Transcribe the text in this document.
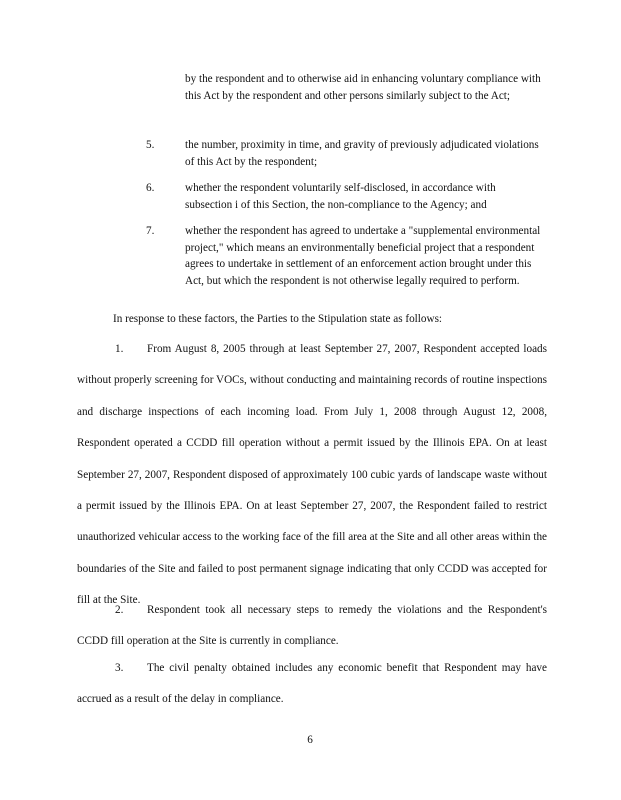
by the respondent and to otherwise aid in enhancing voluntary compliance with this Act by the respondent and other persons similarly subject to the Act;
5.	the number, proximity in time, and gravity of previously adjudicated violations of this Act by the respondent;
6.	whether the respondent voluntarily self-disclosed, in accordance with subsection i of this Section, the non-compliance to the Agency; and
7.	whether the respondent has agreed to undertake a "supplemental environmental project," which means an environmentally beneficial project that a respondent agrees to undertake in settlement of an enforcement action brought under this Act, but which the respondent is not otherwise legally required to perform.
In response to these factors, the Parties to the Stipulation state as follows:
1. From August 8, 2005 through at least September 27, 2007, Respondent accepted loads without properly screening for VOCs, without conducting and maintaining records of routine inspections and discharge inspections of each incoming load. From July 1, 2008 through August 12, 2008, Respondent operated a CCDD fill operation without a permit issued by the Illinois EPA. On at least September 27, 2007, Respondent disposed of approximately 100 cubic yards of landscape waste without a permit issued by the Illinois EPA. On at least September 27, 2007, the Respondent failed to restrict unauthorized vehicular access to the working face of the fill area at the Site and all other areas within the boundaries of the Site and failed to post permanent signage indicating that only CCDD was accepted for fill at the Site.
2. Respondent took all necessary steps to remedy the violations and the Respondent's CCDD fill operation at the Site is currently in compliance.
3. The civil penalty obtained includes any economic benefit that Respondent may have accrued as a result of the delay in compliance.
6
